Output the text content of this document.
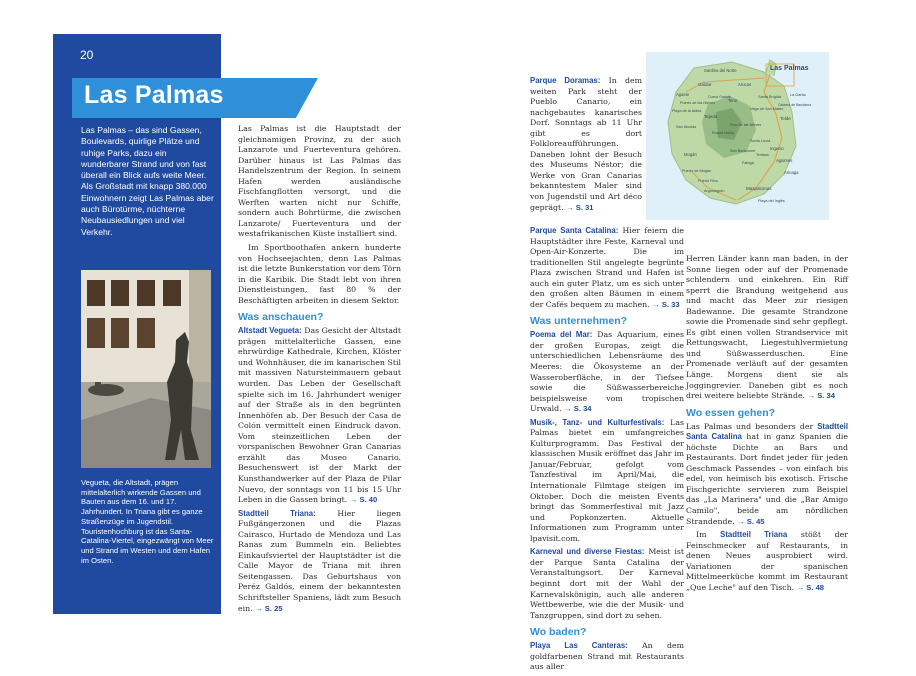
20
Las Palmas
Las Palmas – das sind Gassen, Boulevards, quirlige Plätze und ruhige Parks, dazu ein wunderbarer Strand und von fast überall ein Blick aufs weite Meer. Als Großstadt mit knapp 380.000 Einwohnern zeigt Las Palmas aber auch Bürotürme, nüchterne Neubausiedlungen und viel Verkehr.
Vegueta, die Altstadt, prägen mittelalterlich wirkende Gassen und Bauten aus dem 16. und 17. Jahrhundert. In Triana gibt es ganze Straßenzüge im Jugendstil. Touristenhochburg ist das Santa-Catalina-Viertel, eingezwängt von Meer und Strand im Westen und dem Hafen im Osten.

Las Palmas ist die Hauptstadt der gleichnamigen Provinz, zu der auch Lanzarote und Fuerteventura gehören. Darüber hinaus ist Las Palmas das Handelszentrum der Region. In seinem Hafen werden ausländische Fischfangflotten versorgt, und die Werften warten nicht nur Schiffe, sondern auch Bohrtürme, die zwischen Lanzarote/ Fuerteventura und der westafrikanischen Küste installiert sind.

Im Sportboothafen ankern hunderte von Hochseejachten, denn Las Palmas ist die letzte Bunkerstation vor dem Törn in die Karibik. Die Stadt lebt von ihren Dienstleistungen, fast 80 % der Beschäftigten arbeiten in diesem Sektor.

Was anschauen?

Altstadt Vegueta: Das Gesicht der Altstadt prägen mittelalterliche Gassen, eine ehrwürdige Kathedrale, Kirchen, Klöster und Wohnhäuser, die im kanarischen Stil mit massiven Natursteinmauern gebaut wurden. Das Leben der Gesellschaft spielte sich im 16. Jahrhundert weniger auf der Straße als in den begrünten Innenhöfen ab. Der Besuch der Casa de Colón vermittelt einen Eindruck davon. Vom steinzeitlichen Leben der vorspanischen Bewohner Gran Canarias erzählt das Museo Canario. Besuchenswert ist der Markt der Kunsthandwerker auf der Plaza de Pilar Nuevo, der sonntags von 11 bis 15 Uhr Leben in die Gassen bringt. → S. 40

Stadtteil Triana: Hier liegen Fußgängerzonen und die Plazas Cairasco, Hurtado de Mendoza und Las Ranas zum Bummeln ein. Beliebtes Einkaufsviertel der Hauptstädter ist die Calle Mayor de Triana mit ihren Seitengassen. Das Geburtshaus von Peréz Galdós, einem der bekanntesten Schriftsteller Spaniens, lädt zum Besuch ein. → S. 25

Parque Doramas: In dem weiten Park steht der Pueblo Canario, ein nachgebautes kanarisches Dorf. Sonntags ab 11 Uhr gibt es dort Folkloreaufführungen. Daneben lohnt der Besuch des Museums Néstor; die Werke von Gran Canarias bekanntestem Maler sind von Jugendstil und Art déco geprägt. → S. 31

Parque Santa Catalina: Hier feiern die Hauptstädter ihre Feste, Karneval und Open-Air-Konzerte. Die im traditionellen Stil angelegte begrünte Plaza zwischen Strand und Hafen ist auch ein guter Platz, um es sich unter den großen alten Bäumen in einem der Cafés bequem zu machen. → S. 33

Was unternehmen?

Poema del Mar: Das Aquarium, eines der großen Europas, zeigt die unterschiedlichen Lebensräume des Meeres: die Ökosysteme an der Wasseroberfläche, in der Tiefsee sowie die Süßwasserbereiche beispielsweise vom tropischen Urwald. → S. 34

Musik-, Tanz- und Kulturfestivals: Las Palmas bietet ein umfangreiches Kulturprogramm. Das Festival der klassischen Musik eröffnet das Jahr im Januar/Februar, gefolgt vom Tanzfestival im April/Mai, die Internationale Filmtage steigen im Oktober. Doch die meisten Events bringt das Sommerfestival mit Jazz und Popkonzerten. Aktuelle Informationen zum Programm unter lpavisit.com.

Karneval und diverse Fiestas: Meist ist der Parque Santa Catalina der Veranstaltungsort. Der Karneval beginnt dort mit der Wahl der Karnevalskönigin, auch alle anderen Wettbewerbe, wie die der Musik- und Tanzgruppen, sind dort zu sehen.

Wo baden?

Playa Las Canteras: An dem goldfarbenen Strand mit Restaurants aus aller

Las Palmas
Gáldar
Sardina del Norte
Agaete
Puerto de las Nieves
Arucas
Teror
Tejeda	Telde
Ingenio
Agüimes
Arinaga
Mogán
Maspalomas
Playa del Inglés
Puerto de Mogán
Puerto Rico
Arguineguín
Playa de la Aldea
San Nicolás
Cueva Grande
Vega de San Mateo
Santa Brígida
San Bartolomé
Roque Nublo
Pico de las Nieves
Fataga
Temisas
Santa Lucía
La Garita
Caldera de Bandama

Herren Länder kann man baden, in der Sonne liegen oder auf der Promenade schlendern und einkehren. Ein Riff sperrt die Brandung weitgehend aus und macht das Meer zur riesigen Badewanne. Die gesamte Strandzone sowie die Promenade sind sehr gepflegt. Es gibt einen vollen Strandservice mit Rettungswacht, Liegestuhlvermietung und Süßwasserduschen. Eine Promenade verläuft auf der gesamten Länge. Morgens dient sie als Joggingrevier. Daneben gibt es noch drei weitere beliebte Strände. → S. 34

Wo essen gehen?

Las Palmas und besonders der Stadtteil Santa Catalina hat in ganz Spanien die höchste Dichte an Bars und Restaurants. Dort findet jeder für jeden Geschmack Passendes – von einfach bis edel, von heimisch bis exotisch. Frische Fischgerichte servieren zum Beispiel das „La Marinera" und die „Bar Amigo Camilo", beide am nördlichen Strandende. → S. 45

Im Stadtteil Triana stößt der Feinschmecker auf Restaurants, in denen Neues ausprobiert wird. Variationen der spanischen Mittelmeerküche kommt im Restaurant „Que Leche" auf den Tisch. → S. 48
